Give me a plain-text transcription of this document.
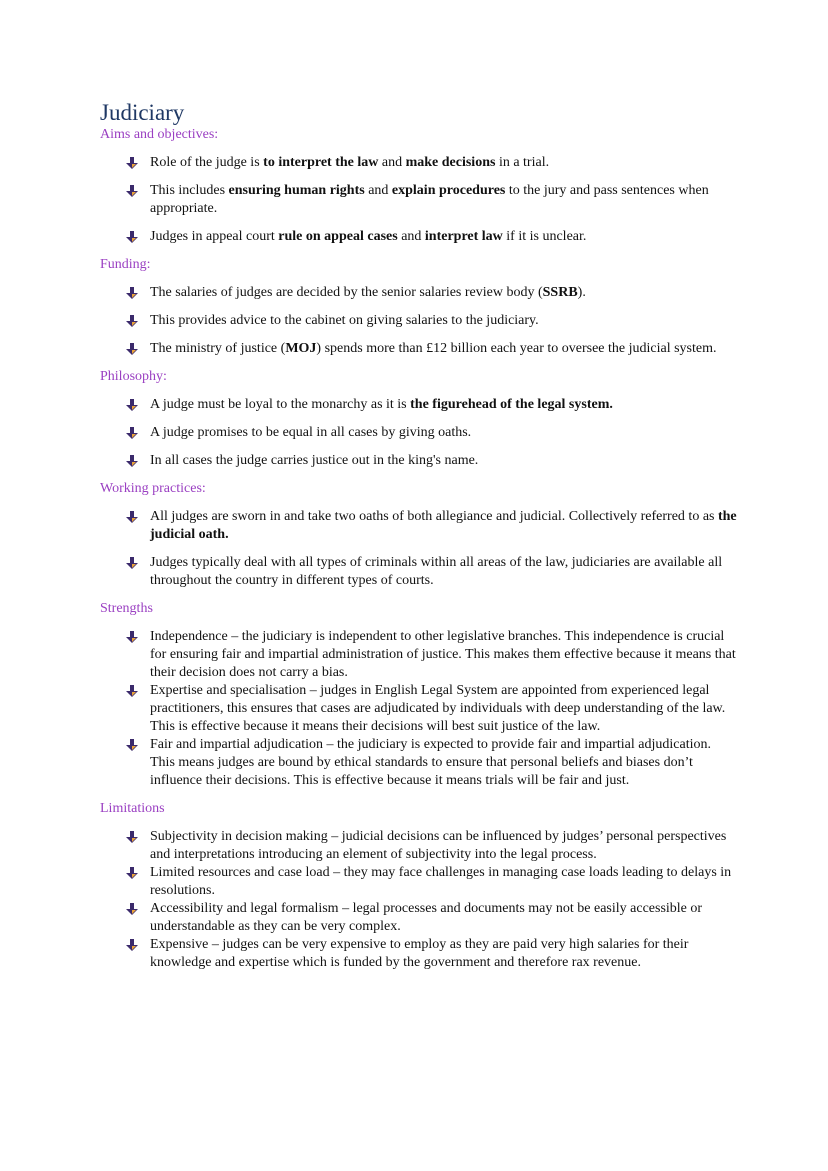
Judiciary
Aims and objectives:
Role of the judge is to interpret the law and make decisions in a trial.
This includes ensuring human rights and explain procedures to the jury and pass sentences when appropriate.
Judges in appeal court rule on appeal cases and interpret law if it is unclear.
Funding:
The salaries of judges are decided by the senior salaries review body (SSRB).
This provides advice to the cabinet on giving salaries to the judiciary.
The ministry of justice (MOJ) spends more than £12 billion each year to oversee the judicial system.
Philosophy:
A judge must be loyal to the monarchy as it is the figurehead of the legal system.
A judge promises to be equal in all cases by giving oaths.
In all cases the judge carries justice out in the king's name.
Working practices:
All judges are sworn in and take two oaths of both allegiance and judicial. Collectively referred to as the judicial oath.
Judges typically deal with all types of criminals within all areas of the law, judiciaries are available all throughout the country in different types of courts.
Strengths
Independence – the judiciary is independent to other legislative branches. This independence is crucial for ensuring fair and impartial administration of justice. This makes them effective because it means that their decision does not carry a bias.
Expertise and specialisation – judges in English Legal System are appointed from experienced legal practitioners, this ensures that cases are adjudicated by individuals with deep understanding of the law. This is effective because it means their decisions will best suit justice of the law.
Fair and impartial adjudication – the judiciary is expected to provide fair and impartial adjudication. This means judges are bound by ethical standards to ensure that personal beliefs and biases don’t influence their decisions. This is effective because it means trials will be fair and just.
Limitations
Subjectivity in decision making – judicial decisions can be influenced by judges’ personal perspectives and interpretations introducing an element of subjectivity into the legal process.
Limited resources and case load – they may face challenges in managing case loads leading to delays in resolutions.
Accessibility and legal formalism – legal processes and documents may not be easily accessible or understandable as they can be very complex.
Expensive – judges can be very expensive to employ as they are paid very high salaries for their knowledge and expertise which is funded by the government and therefore rax revenue.
